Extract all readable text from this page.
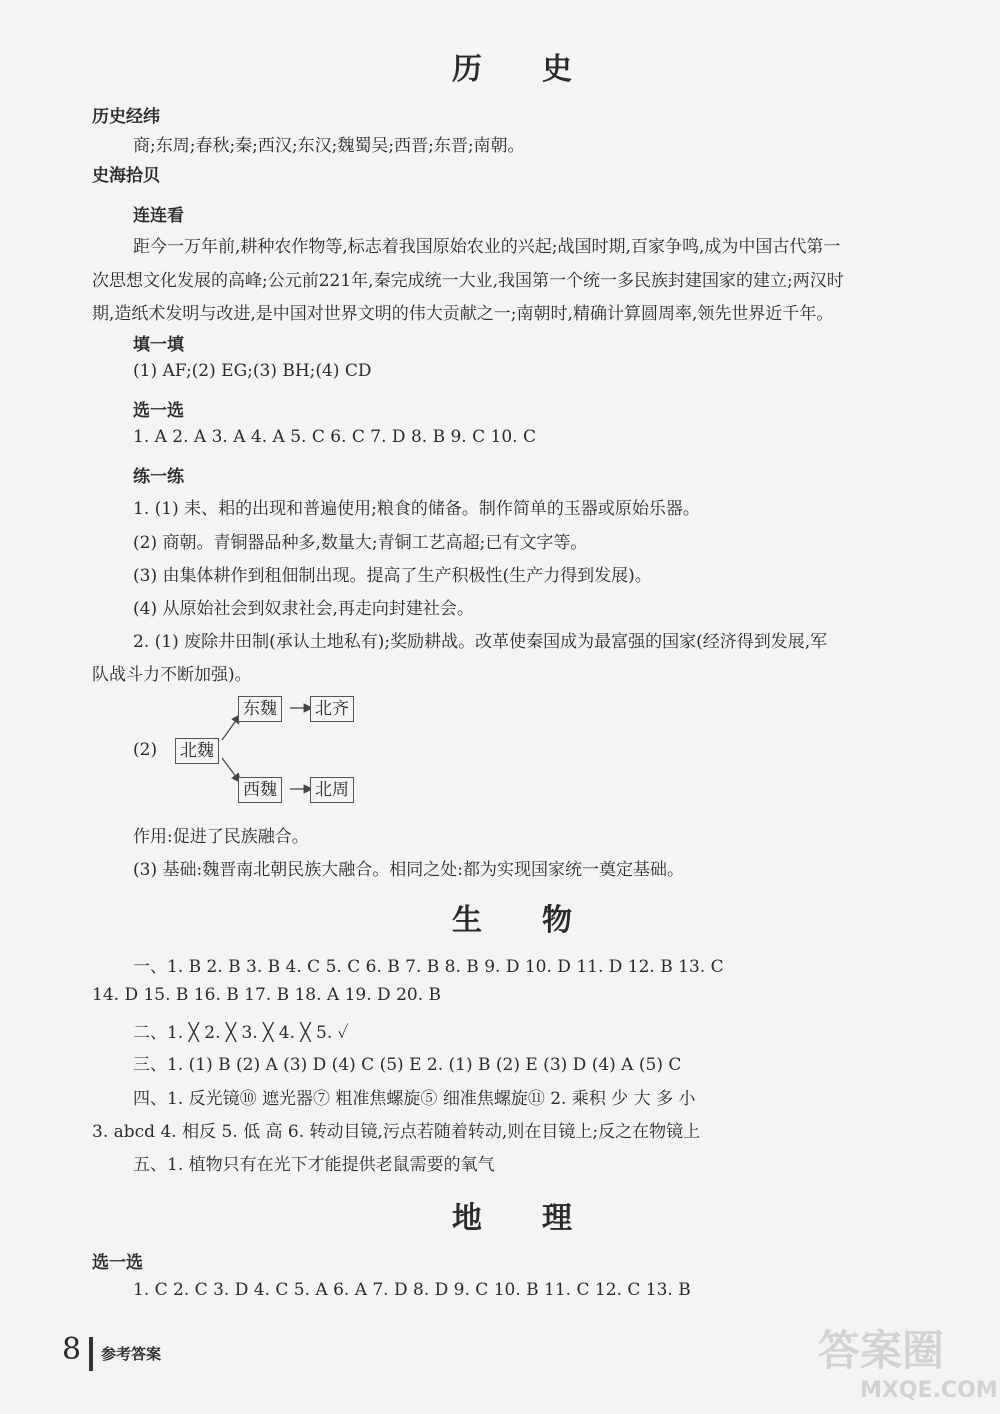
历史
历史经纬
商;东周;春秋;秦;西汉;东汉;魏蜀吴;西晋;东晋;南朝。
史海拾贝
连连看
距今一万年前,耕种农作物等,标志着我国原始农业的兴起;战国时期,百家争鸣,成为中国古代第一
次思想文化发展的高峰;公元前221年,秦完成统一大业,我国第一个统一多民族封建国家的建立;两汉时
期,造纸术发明与改进,是中国对世界文明的伟大贡献之一;南朝时,精确计算圆周率,领先世界近千年。
填一填
(1) AF;(2) EG;(3) BH;(4) CD
选一选
1. A 2. A 3. A 4. A 5. C 6. C 7. D 8. B 9. C 10. C
练一练
1. (1) 耒、耜的出现和普遍使用;粮食的储备。制作简单的玉器或原始乐器。
(2) 商朝。青铜器品种多,数量大;青铜工艺高超;已有文字等。
(3) 由集体耕作到租佃制出现。提高了生产积极性(生产力得到发展)。
(4) 从原始社会到奴隶社会,再走向封建社会。
2. (1) 废除井田制(承认土地私有);奖励耕战。改革使秦国成为最富强的国家(经济得到发展,军
队战斗力不断加强)。
(2) 北魏
东魏 北齐
西魏 北周
作用:促进了民族融合。
(3) 基础:魏晋南北朝民族大融合。相同之处:都为实现国家统一奠定基础。
生物
一、1. B 2. B 3. B 4. C 5. C 6. B 7. B 8. B 9. D 10. D 11. D 12. B 13. C
14. D 15. B 16. B 17. B 18. A 19. D 20. B
二、1. ╳ 2. ╳ 3. ╳ 4. ╳ 5. ✓
三、1. (1) B (2) A (3) D (4) C (5) E 2. (1) B (2) E (3) D (4) A (5) C
四、1. 反光镜⑩ 遮光器⑦ 粗准焦螺旋⑤ 细准焦螺旋⑪ 2. 乘积 少 大 多 小
3. abcd 4. 相反 5. 低 高 6. 转动目镜,污点若随着转动,则在目镜上;反之在物镜上
五、1. 植物只有在光下才能提供老鼠需要的氧气
地理
选一选
1. C 2. C 3. D 4. C 5. A 6. A 7. D 8. D 9. C 10. B 11. C 12. C 13. B
8 参考答案	答案圈
MXQE.COM
